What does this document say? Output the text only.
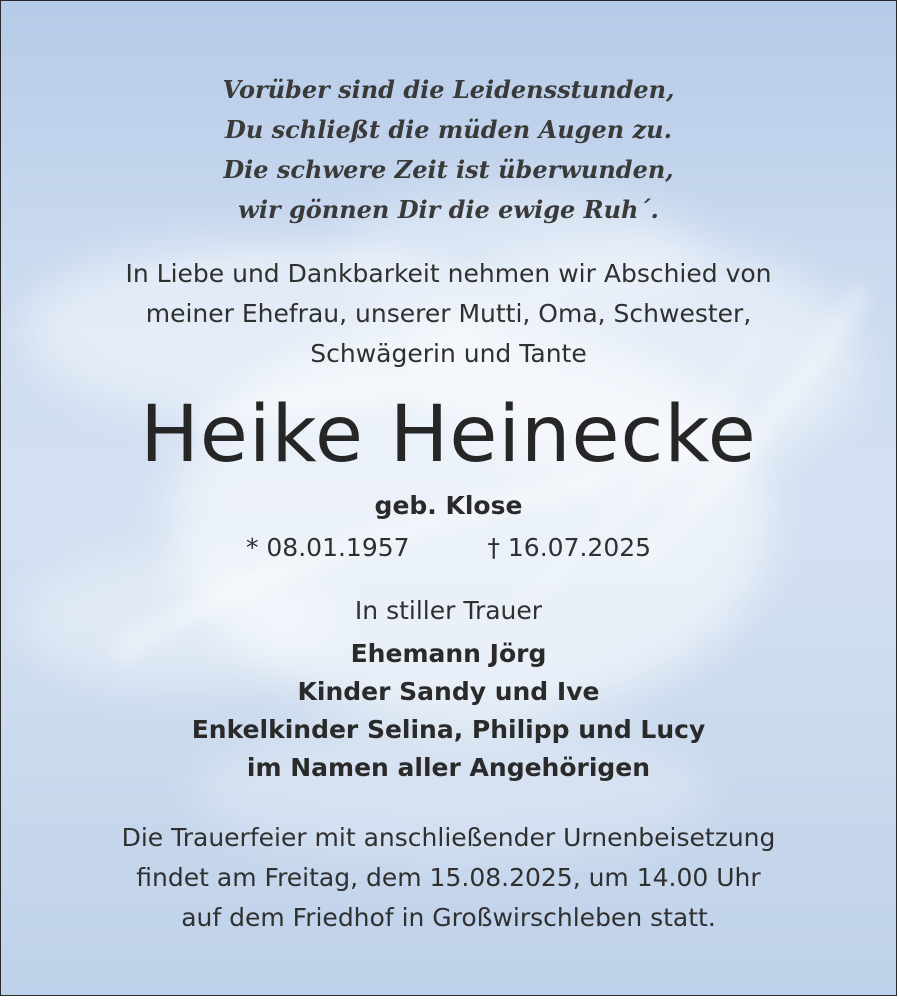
Vorüber sind die Leidensstunden,
Du schließt die müden Augen zu.
Die schwere Zeit ist überwunden,
wir gönnen Dir die ewige Ruh´.
In Liebe und Dankbarkeit nehmen wir Abschied von
meiner Ehefrau, unserer Mutti, Oma, Schwester,
Schwägerin und Tante
Heike Heinecke
geb. Klose
* 08.01.1957	† 16.07.2025
In stiller Trauer
Ehemann Jörg
Kinder Sandy und Ive
Enkelkinder Selina, Philipp und Lucy
im Namen aller Angehörigen
Die Trauerfeier mit anschließender Urnenbeisetzung
findet am Freitag, dem 15.08.2025, um 14.00 Uhr
auf dem Friedhof in Großwirschleben statt.
